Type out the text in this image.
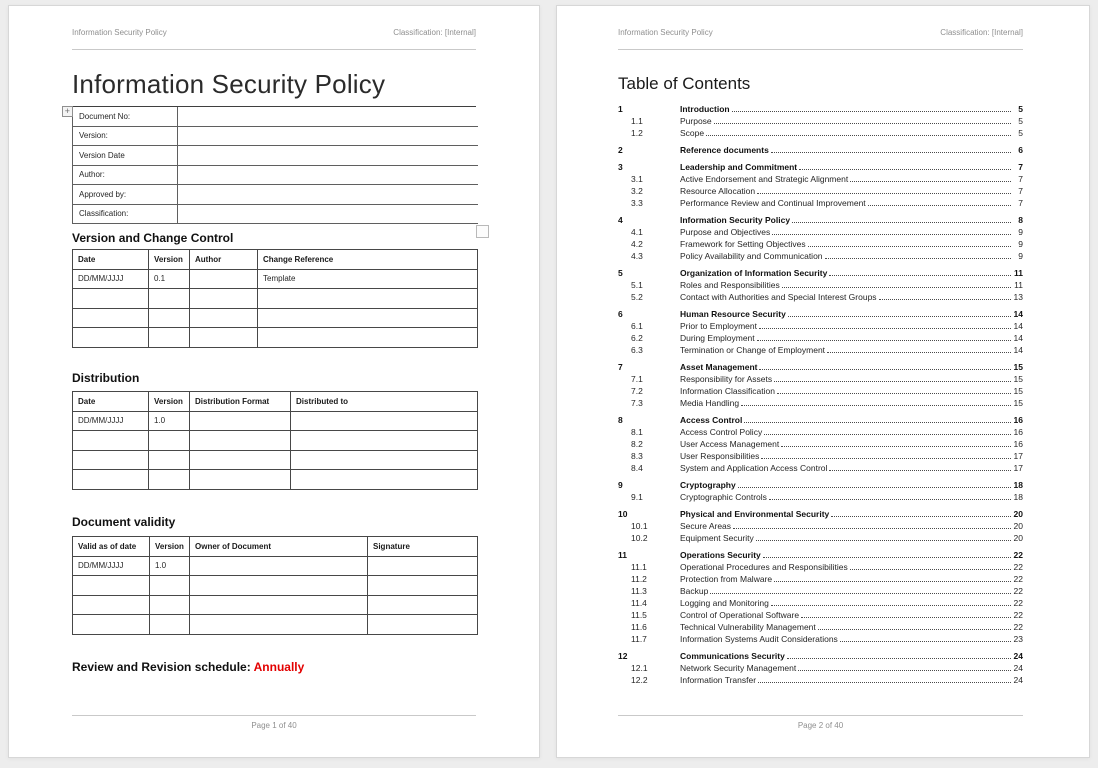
Information Security Policy	Classification: [Internal]
Information Security Policy
+
Document No:
Version:
Version Date
Author:
Approved by:
Classification:
Version and Change Control
Date	Version	Author	Change Reference
DD/MM/JJJJ	0.1		Template

Distribution
Date	Version	Distribution Format	Distributed to
DD/MM/JJJJ	1.0		

Document validity
Valid as of date	Version	Owner of Document	Signature
DD/MM/JJJJ	1.0		

Review and Revision schedule: Annually
Page 1 of 40
Information Security Policy	Classification: [Internal]
Table of Contents
1	Introduction	5
1.1	Purpose	5
1.2	Scope	5
2	Reference documents	6
3	Leadership and Commitment	7
3.1	Active Endorsement and Strategic Alignment	7
3.2	Resource Allocation	7
3.3	Performance Review and Continual Improvement	7
4	Information Security Policy	8
4.1	Purpose and Objectives	9
4.2	Framework for Setting Objectives	9
4.3	Policy Availability and Communication	9
5	Organization of Information Security	11
5.1	Roles and Responsibilities	11
5.2	Contact with Authorities and Special Interest Groups	13
6	Human Resource Security	14
6.1	Prior to Employment	14
6.2	During Employment	14
6.3	Termination or Change of Employment	14
7	Asset Management	15
7.1	Responsibility for Assets	15
7.2	Information Classification	15
7.3	Media Handling	15
8	Access Control	16
8.1	Access Control Policy	16
8.2	User Access Management	16
8.3	User Responsibilities	17
8.4	System and Application Access Control	17
9	Cryptography	18
9.1	Cryptographic Controls	18
10	Physical and Environmental Security	20
10.1	Secure Areas	20
10.2	Equipment Security	20
11	Operations Security	22
11.1	Operational Procedures and Responsibilities	22
11.2	Protection from Malware	22
11.3	Backup	22
11.4	Logging and Monitoring	22
11.5	Control of Operational Software	22
11.6	Technical Vulnerability Management	22
11.7	Information Systems Audit Considerations	23
12	Communications Security	24
12.1	Network Security Management	24
12.2	Information Transfer	24
Page 2 of 40
